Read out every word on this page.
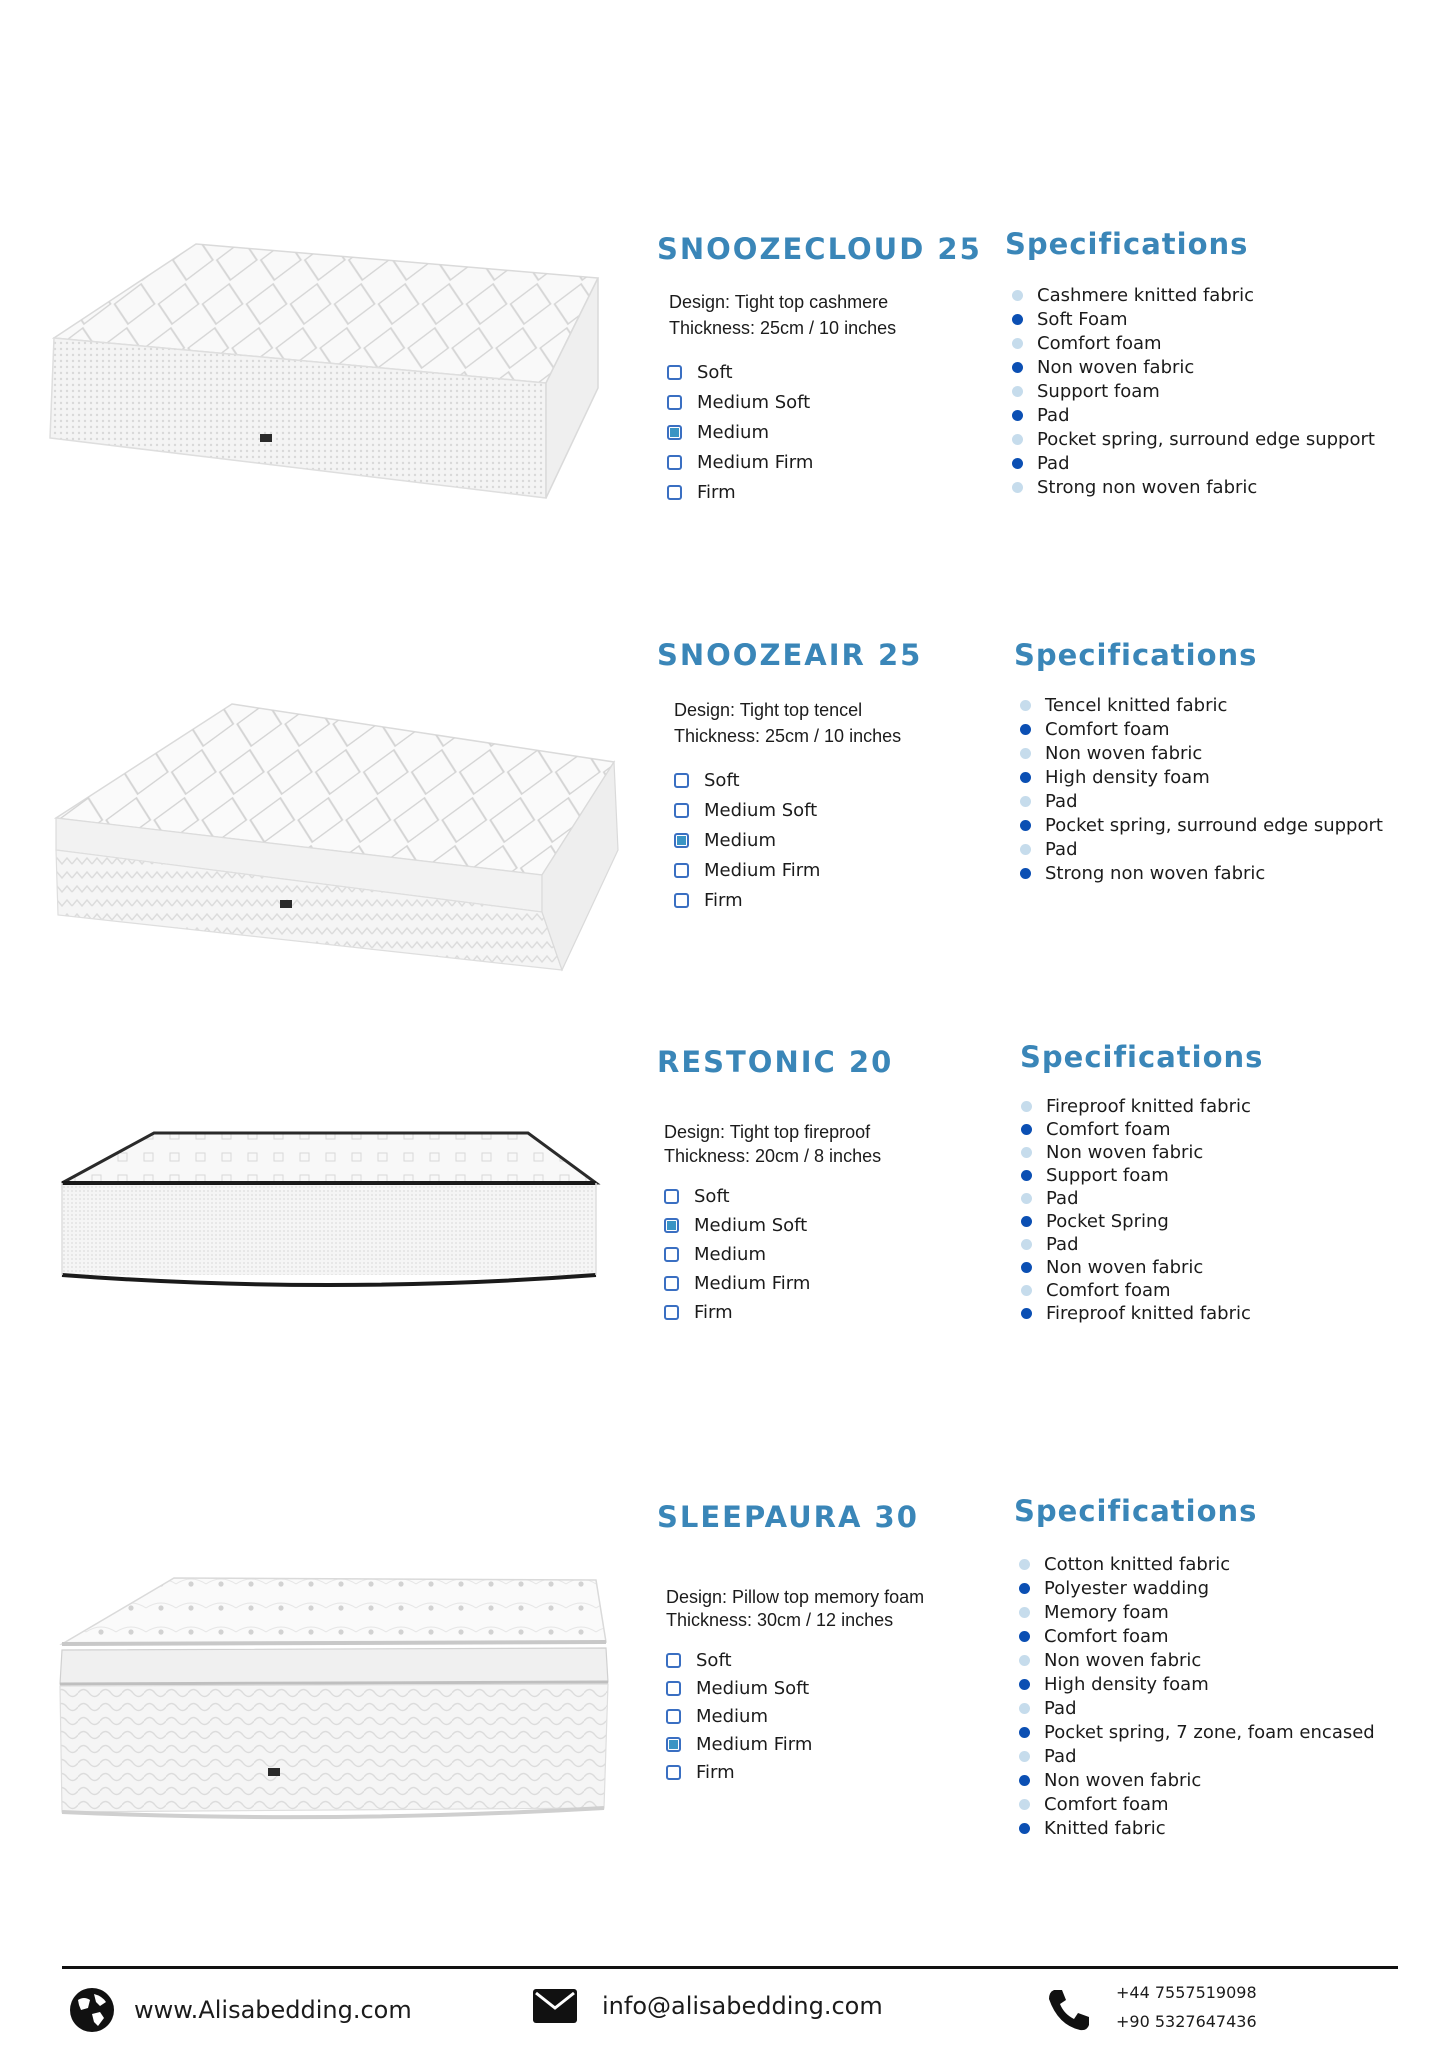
SNOOZECLOUD 25
Design: Tight top cashmere
Thickness: 25cm / 10 inches
Soft
Medium Soft
Medium
Medium Firm
Firm
Specifications
Cashmere knitted fabric
Soft Foam
Comfort foam
Non woven fabric
Support foam
Pad
Pocket spring, surround edge support
Pad
Strong non woven fabric
SNOOZEAIR 25
Design: Tight top tencel
Thickness: 25cm / 10 inches
Soft
Medium Soft
Medium
Medium Firm
Firm
Specifications
Tencel knitted fabric
Comfort foam
Non woven fabric
High density foam
Pad
Pocket spring, surround edge support
Pad
Strong non woven fabric
RESTONIC 20
Design: Tight top fireproof
Thickness: 20cm / 8 inches
Soft
Medium Soft
Medium
Medium Firm
Firm
Specifications
Fireproof knitted fabric
Comfort foam
Non woven fabric
Support foam
Pad
Pocket Spring
Pad
Non woven fabric
Comfort foam
Fireproof knitted fabric
SLEEPAURA 30
Design: Pillow top memory foam
Thickness: 30cm / 12 inches
Soft
Medium Soft
Medium
Medium Firm
Firm
Specifications
Cotton knitted fabric
Polyester wadding
Memory foam
Comfort foam
Non woven fabric
High density foam
Pad
Pocket spring, 7 zone, foam encased
Pad
Non woven fabric
Comfort foam
Knitted fabric
www.Alisabedding.com	info@alisabedding.com	+44 7557519098
+90 5327647436
